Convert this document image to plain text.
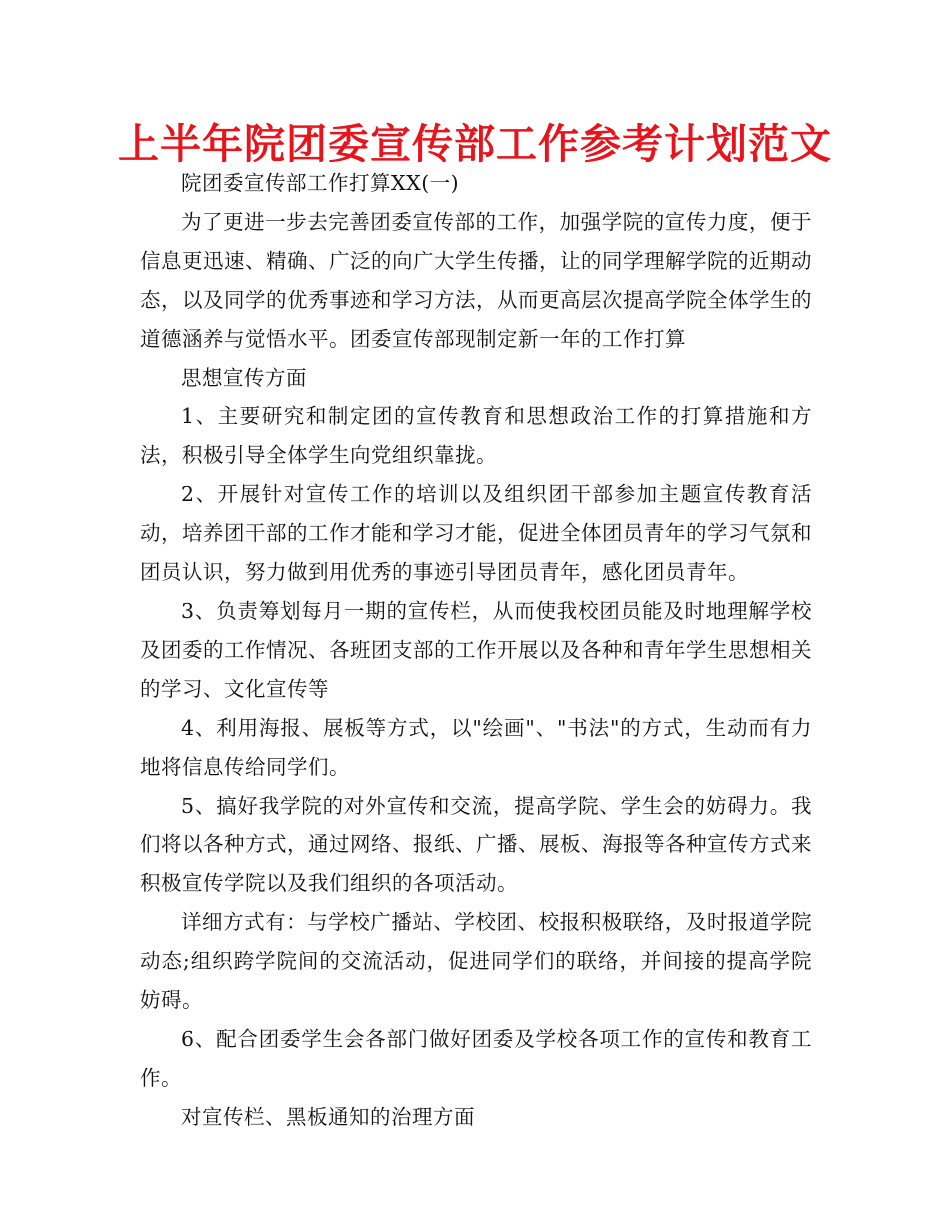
上半年院团委宣传部工作参考计划范文

院团委宣传部工作打算XX(一)

为了更进一步去完善团委宣传部的工作，加强学院的宣传力度，便于信息更迅速、精确、广泛的向广大学生传播，让的同学理解学院的近期动态，以及同学的优秀事迹和学习方法，从而更高层次提高学院全体学生的道德涵养与觉悟水平。团委宣传部现制定新一年的工作打算

思想宣传方面

1、主要研究和制定团的宣传教育和思想政治工作的打算措施和方法，积极引导全体学生向党组织靠拢。

2、开展针对宣传工作的培训以及组织团干部参加主题宣传教育活动，培养团干部的工作才能和学习才能，促进全体团员青年的学习气氛和团员认识，努力做到用优秀的事迹引导团员青年，感化团员青年。

3、负责筹划每月一期的宣传栏，从而使我校团员能及时地理解学校及团委的工作情况、各班团支部的工作开展以及各种和青年学生思想相关的学习、文化宣传等

4、利用海报、展板等方式，以"绘画"、"书法"的方式，生动而有力地将信息传给同学们。

5、搞好我学院的对外宣传和交流，提高学院、学生会的妨碍力。我们将以各种方式，通过网络、报纸、广播、展板、海报等各种宣传方式来积极宣传学院以及我们组织的各项活动。

详细方式有：与学校广播站、学校团、校报积极联络，及时报道学院动态;组织跨学院间的交流活动，促进同学们的联络，并间接的提高学院妨碍。

6、配合团委学生会各部门做好团委及学校各项工作的宣传和教育工作。

对宣传栏、黑板通知的治理方面
